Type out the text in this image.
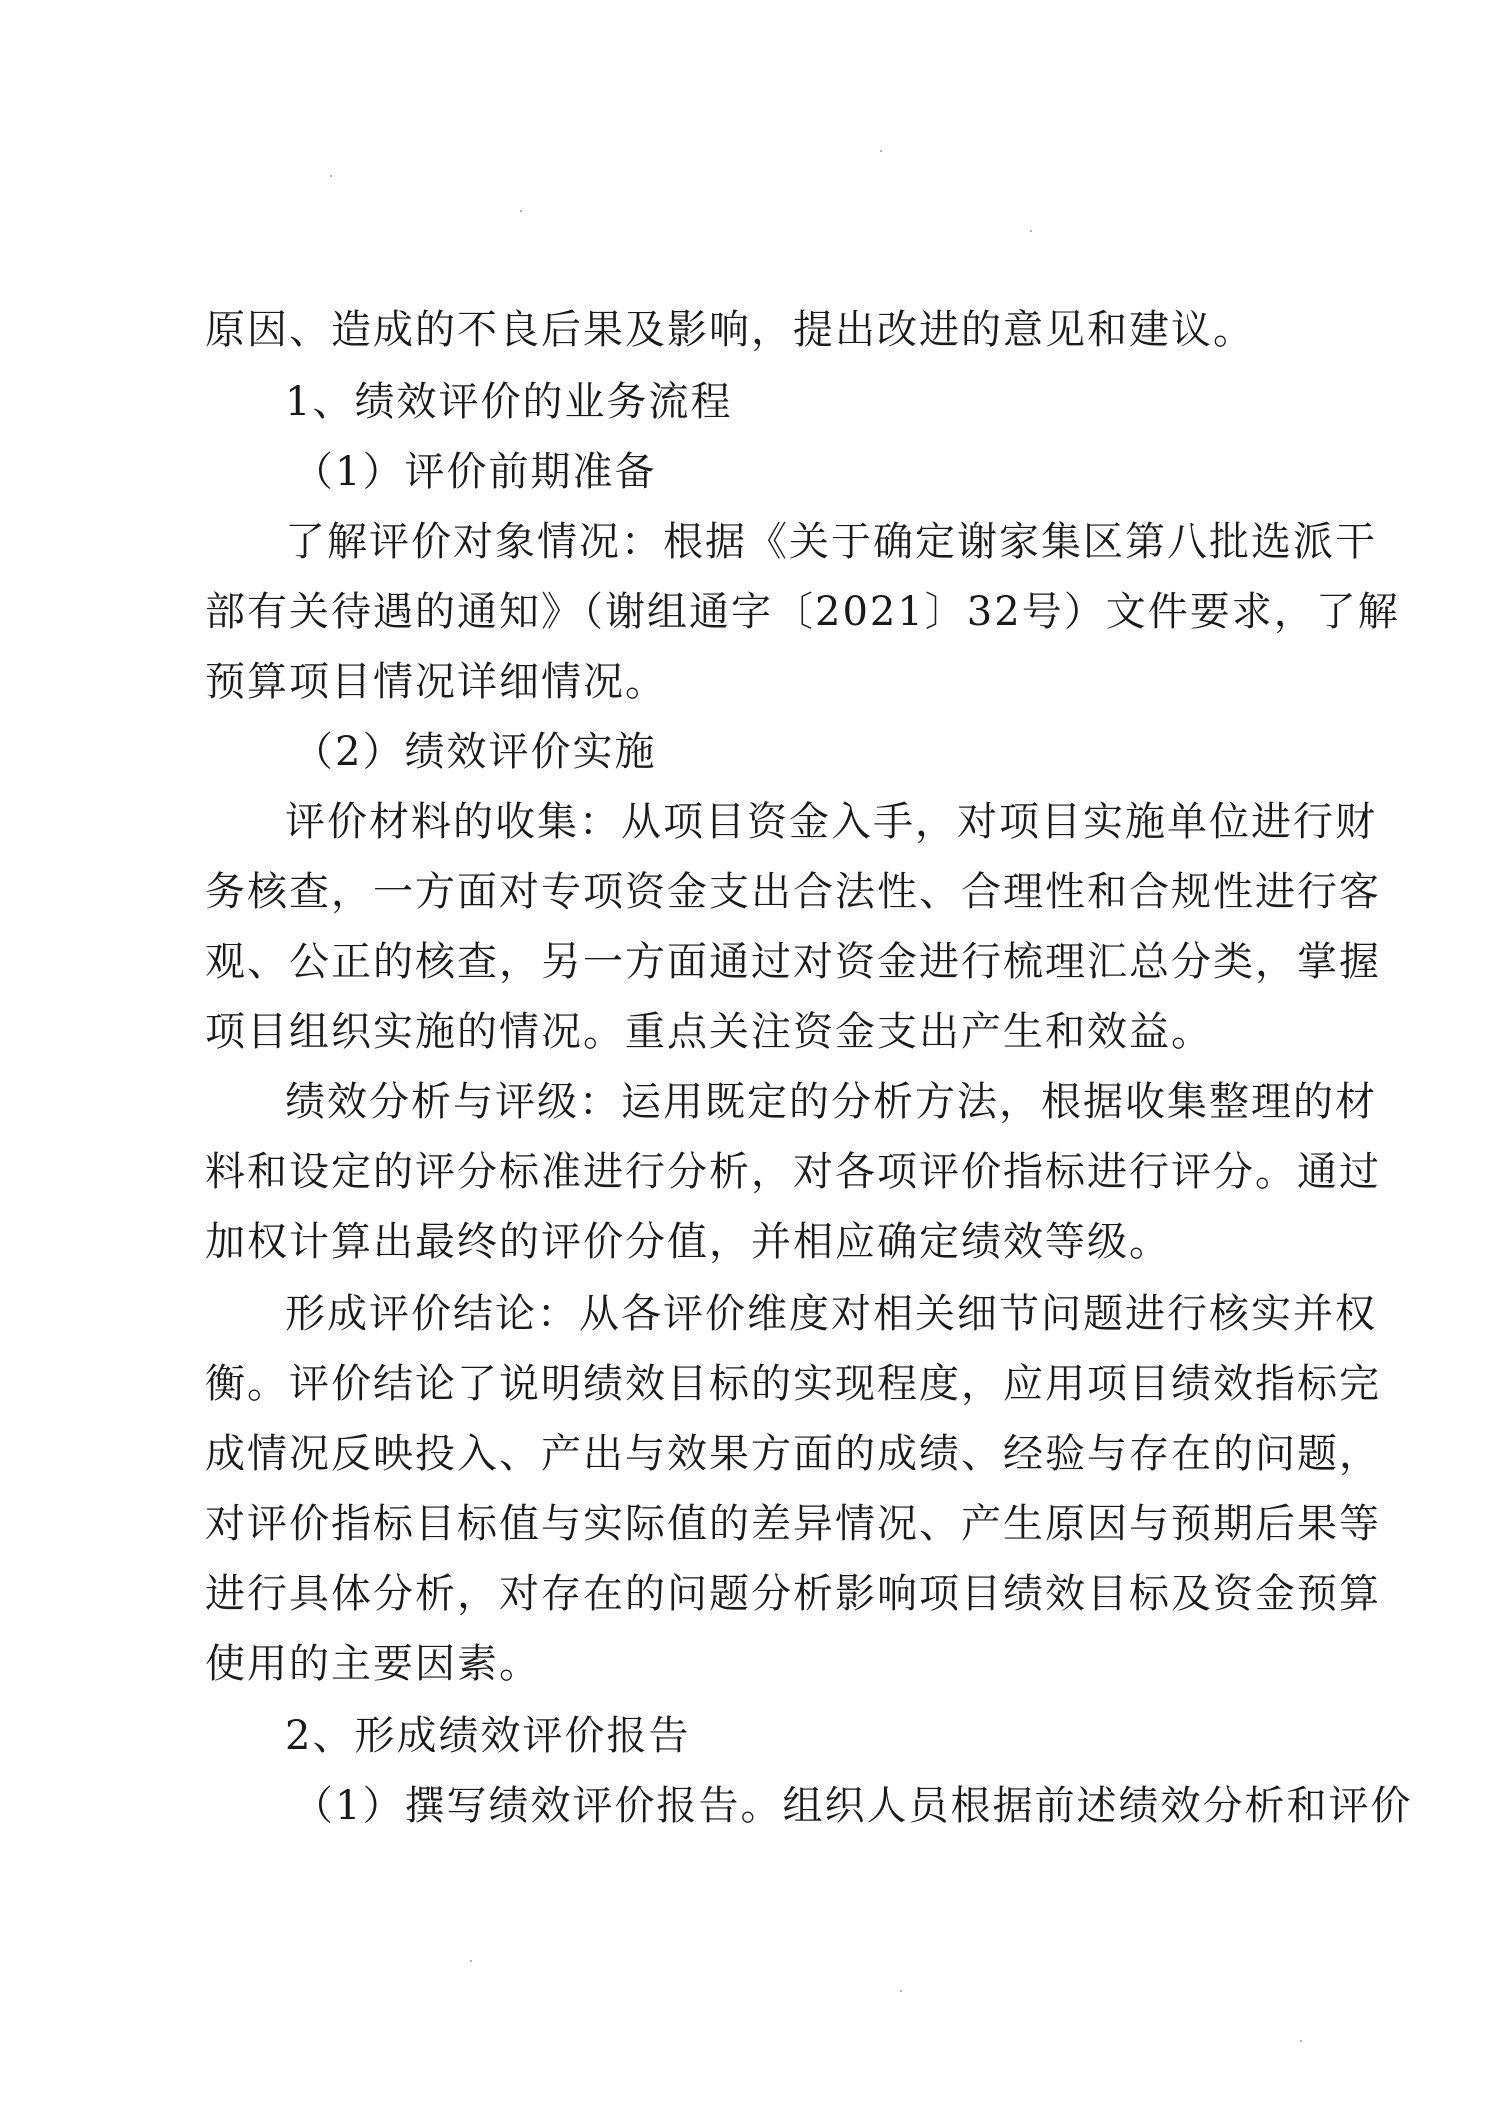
原因、造成的不良后果及影响，提出改进的意见和建议。
1、绩效评价的业务流程
（1）评价前期准备
了解评价对象情况：根据《关于确定谢家集区第八批选派干
部有关待遇的通知》（谢组通字〔2021〕32号）文件要求，了解
预算项目情况详细情况。
（2）绩效评价实施
评价材料的收集：从项目资金入手，对项目实施单位进行财
务核查，一方面对专项资金支出合法性、合理性和合规性进行客
观、公正的核查，另一方面通过对资金进行梳理汇总分类，掌握
项目组织实施的情况。重点关注资金支出产生和效益。
绩效分析与评级：运用既定的分析方法，根据收集整理的材
料和设定的评分标准进行分析，对各项评价指标进行评分。通过
加权计算出最终的评价分值，并相应确定绩效等级。
形成评价结论：从各评价维度对相关细节问题进行核实并权
衡。评价结论了说明绩效目标的实现程度，应用项目绩效指标完
成情况反映投入、产出与效果方面的成绩、经验与存在的问题，
对评价指标目标值与实际值的差异情况、产生原因与预期后果等
进行具体分析，对存在的问题分析影响项目绩效目标及资金预算
使用的主要因素。
2、形成绩效评价报告
（1）撰写绩效评价报告。组织人员根据前述绩效分析和评价
